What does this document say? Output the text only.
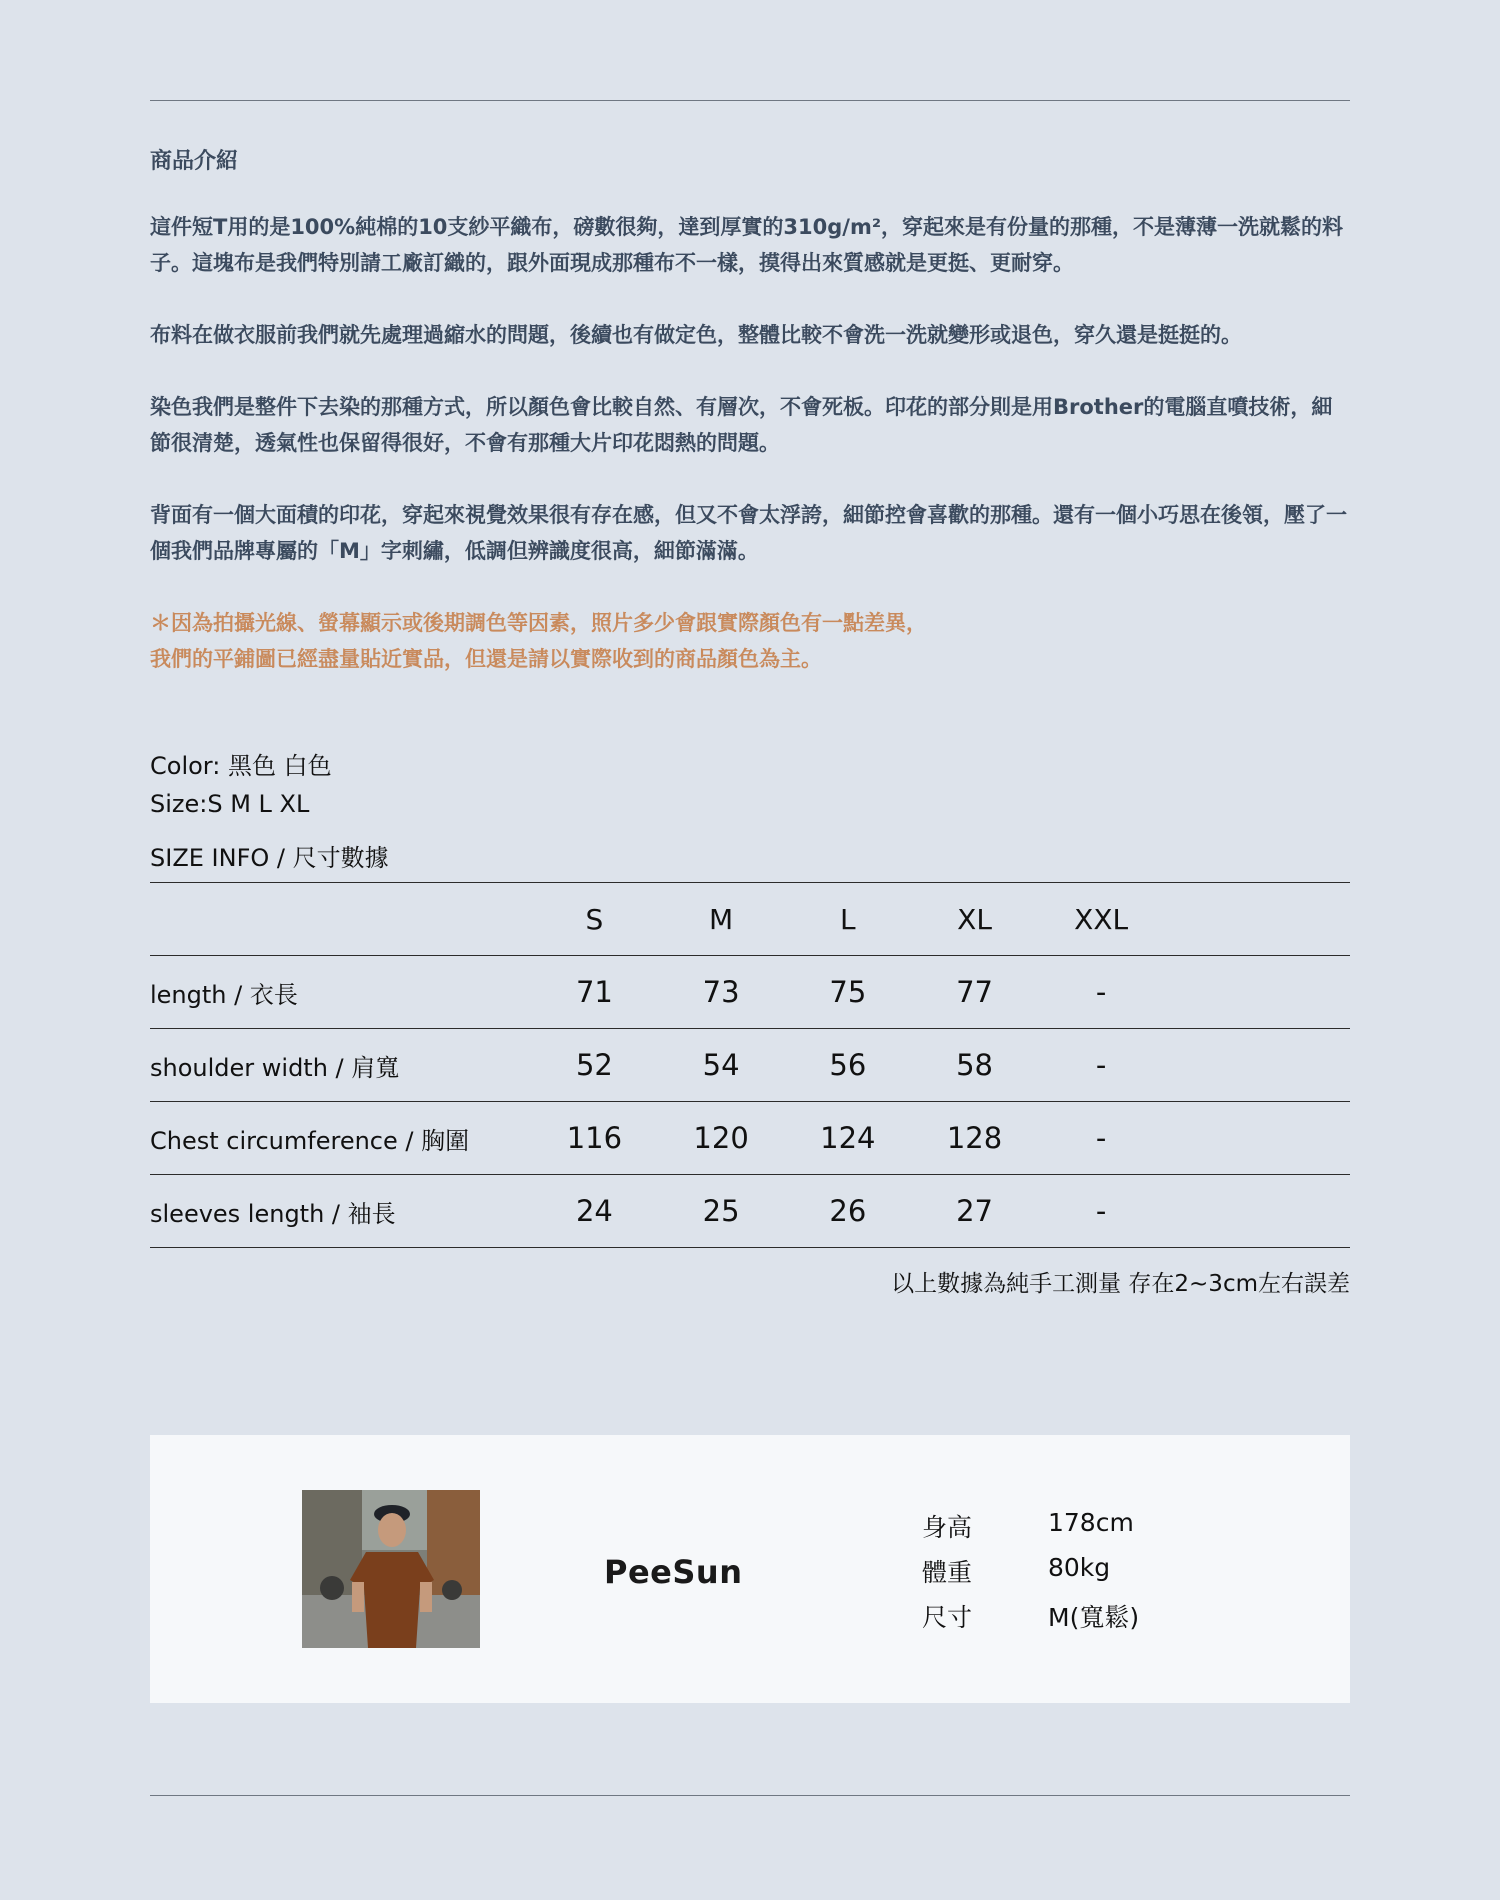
商品介紹

這件短T用的是100%純棉的10支紗平織布，磅數很夠，達到厚實的310g/m²，穿起來是有份量的那種，不是薄薄一洗就鬆的料子。這塊布是我們特別請工廠訂織的，跟外面現成那種布不一樣，摸得出來質感就是更挺、更耐穿。

布料在做衣服前我們就先處理過縮水的問題，後續也有做定色，整體比較不會洗一洗就變形或退色，穿久還是挺挺的。

染色我們是整件下去染的那種方式，所以顏色會比較自然、有層次，不會死板。印花的部分則是用Brother的電腦直噴技術，細節很清楚，透氣性也保留得很好，不會有那種大片印花悶熱的問題。

背面有一個大面積的印花，穿起來視覺效果很有存在感，但又不會太浮誇，細節控會喜歡的那種。還有一個小巧思在後領，壓了一個我們品牌專屬的「M」字刺繡，低調但辨識度很高，細節滿滿。

＊因為拍攝光線、螢幕顯示或後期調色等因素，照片多少會跟實際顏色有一點差異，
我們的平鋪圖已經盡量貼近實品，但還是請以實際收到的商品顏色為主。

Color: 黑色 白色
Size:S M L XL
SIZE INFO / 尺寸數據
	S	M	L	XL	XXL	
length / 衣長	71	73	75	77	-	
shoulder width / 肩寬	52	54	56	58	-	
Chest circumference / 胸圍	116	120	124	128	-	
sleeves length / 袖長	24	25	26	27	-	
以上數據為純手工測量 存在2~3cm左右誤差
PeeSun
身高	178cm
體重	80kg
尺寸	M(寬鬆)
